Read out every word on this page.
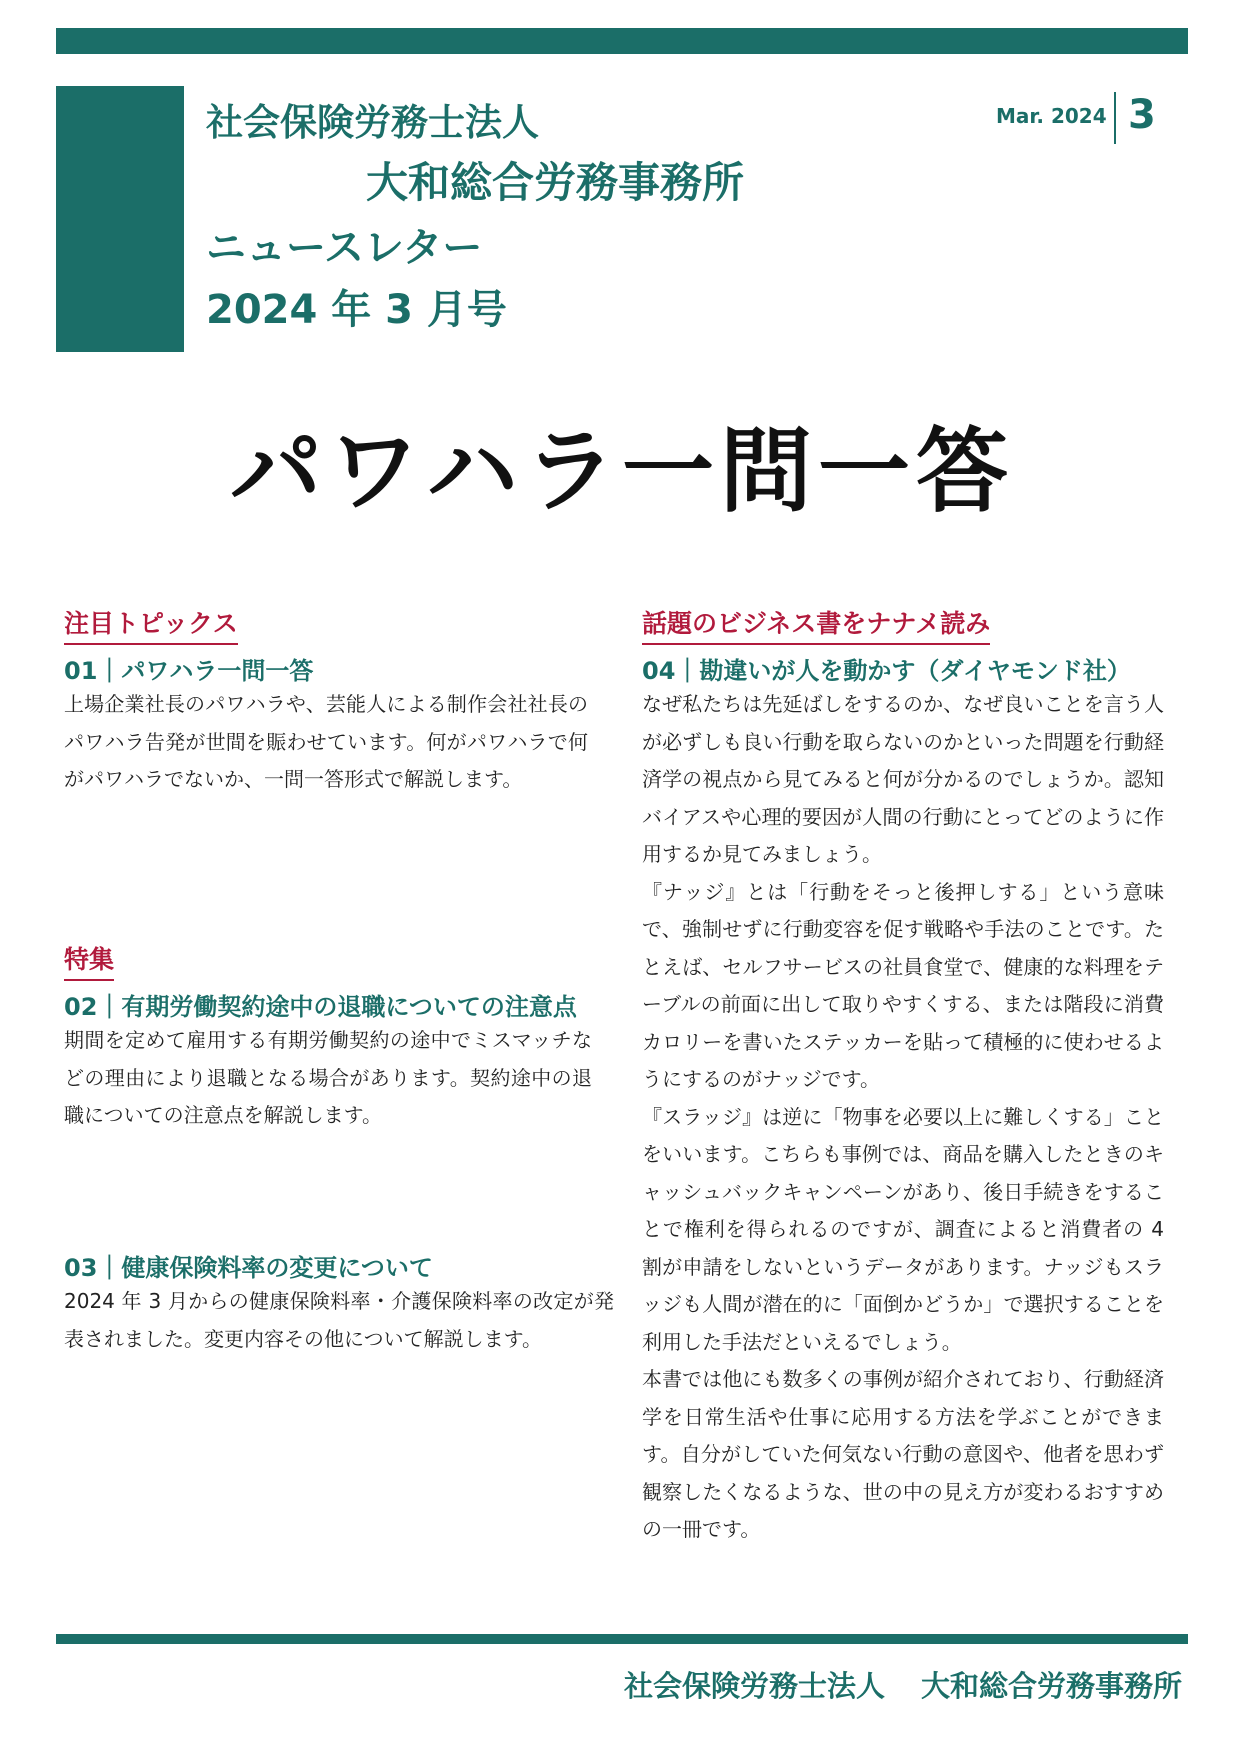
社会保険労務士法人
大和総合労務事務所
ニュースレター
2024 年 3 月号
Mar. 2024 3
パワハラ一問一答
注目トピックス
01｜パワハラ一問一答
上場企業社長のパワハラや、芸能人による制作会社社長のパワハラ告発が世間を賑わせています。何がパワハラで何がパワハラでないか、一問一答形式で解説します。
特集
02｜有期労働契約途中の退職についての注意点
期間を定めて雇用する有期労働契約の途中でミスマッチなどの理由により退職となる場合があります。契約途中の退職についての注意点を解説します。
03｜健康保険料率の変更について
2024 年 3 月からの健康保険料率・介護保険料率の改定が発表されました。変更内容その他について解説します。
話題のビジネス書をナナメ読み
04｜勘違いが人を動かす（ダイヤモンド社）
なぜ私たちは先延ばしをするのか、なぜ良いことを言う人が必ずしも良い行動を取らないのかといった問題を行動経済学の視点から見てみると何が分かるのでしょうか。認知バイアスや心理的要因が人間の行動にとってどのように作用するか見てみましょう。
『ナッジ』とは「行動をそっと後押しする」という意味で、強制せずに行動変容を促す戦略や手法のことです。たとえば、セルフサービスの社員食堂で、健康的な料理をテーブルの前面に出して取りやすくする、または階段に消費カロリーを書いたステッカーを貼って積極的に使わせるようにするのがナッジです。
『スラッジ』は逆に「物事を必要以上に難しくする」ことをいいます。こちらも事例では、商品を購入したときのキャッシュバックキャンペーンがあり、後日手続きをすることで権利を得られるのですが、調査によると消費者の 4 割が申請をしないというデータがあります。ナッジもスラッジも人間が潜在的に「面倒かどうか」で選択することを利用した手法だといえるでしょう。
本書では他にも数多くの事例が紹介されており、行動経済学を日常生活や仕事に応用する方法を学ぶことができます。自分がしていた何気ない行動の意図や、他者を思わず観察したくなるような、世の中の見え方が変わるおすすめの一冊です。
社会保険労務士法人 大和総合労務事務所
